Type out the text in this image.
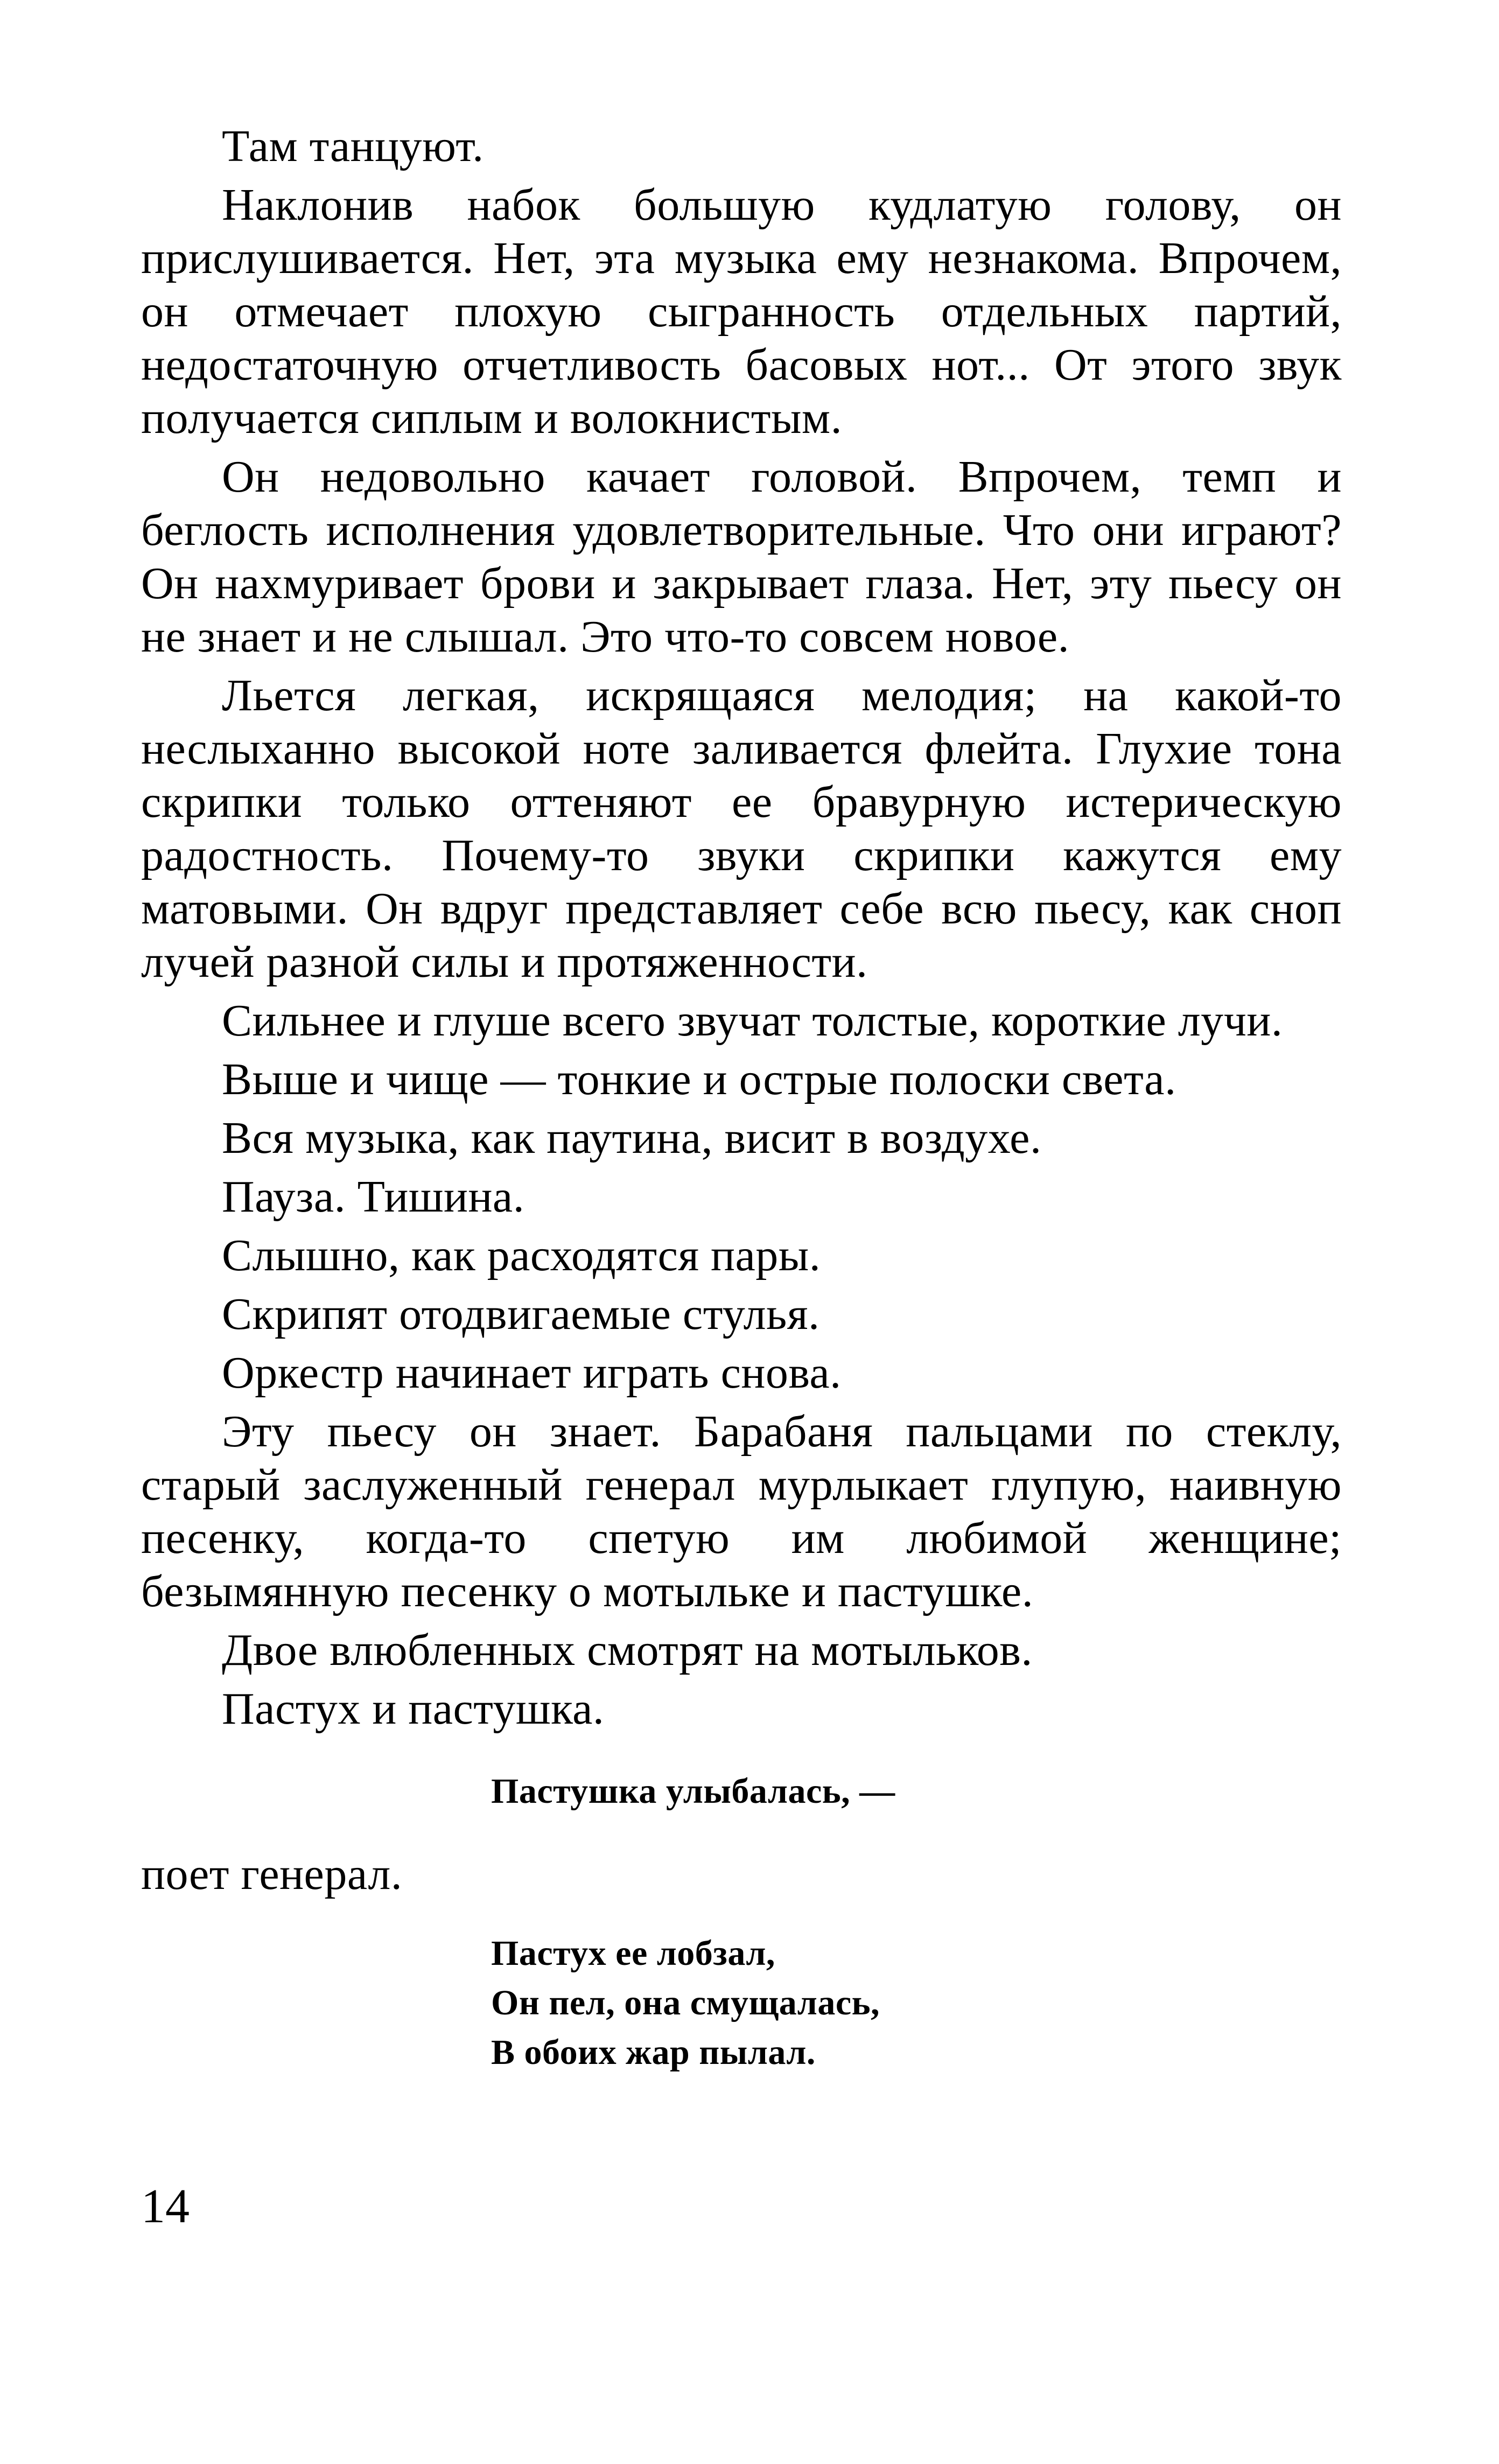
Там танцуют.

Наклонив набок большую кудлатую голову, он прислушивается. Нет, эта музыка ему незнакома. Впрочем, он отмечает плохую сыгранность отдельных партий, недостаточную отчетливость басовых нот... От этого звук получается сиплым и волокнистым.

Он недовольно качает головой. Впрочем, темп и беглость исполнения удовлетворительные. Что они играют? Он нахмуривает брови и закрывает глаза. Нет, эту пьесу он не знает и не слышал. Это что-то совсем новое.

Льется легкая, искрящаяся мелодия; на какой-то неслыханно высокой ноте заливается флейта. Глухие тона скрипки только оттеняют ее бравурную истерическую радостность. Почему-то звуки скрипки кажутся ему матовыми. Он вдруг представляет себе всю пьесу, как сноп лучей разной силы и протяженности.

Сильнее и глуше всего звучат толстые, короткие лучи.

Выше и чище — тонкие и острые полоски света.

Вся музыка, как паутина, висит в воздухе.

Пауза. Тишина.

Слышно, как расходятся пары.

Скрипят отодвигаемые стулья.

Оркестр начинает играть снова.

Эту пьесу он знает. Барабаня пальцами по стеклу, старый заслуженный генерал мурлыкает глупую, наивную песенку, когда-то спетую им любимой женщине; безымянную песенку о мотыльке и пастушке.

Двое влюбленных смотрят на мотыльков.

Пастух и пастушка.

Пастушка улыбалась, —

поет генерал.

Пастух ее лобзал,
Он пел, она смущалась,
В обоих жар пылал.
14
